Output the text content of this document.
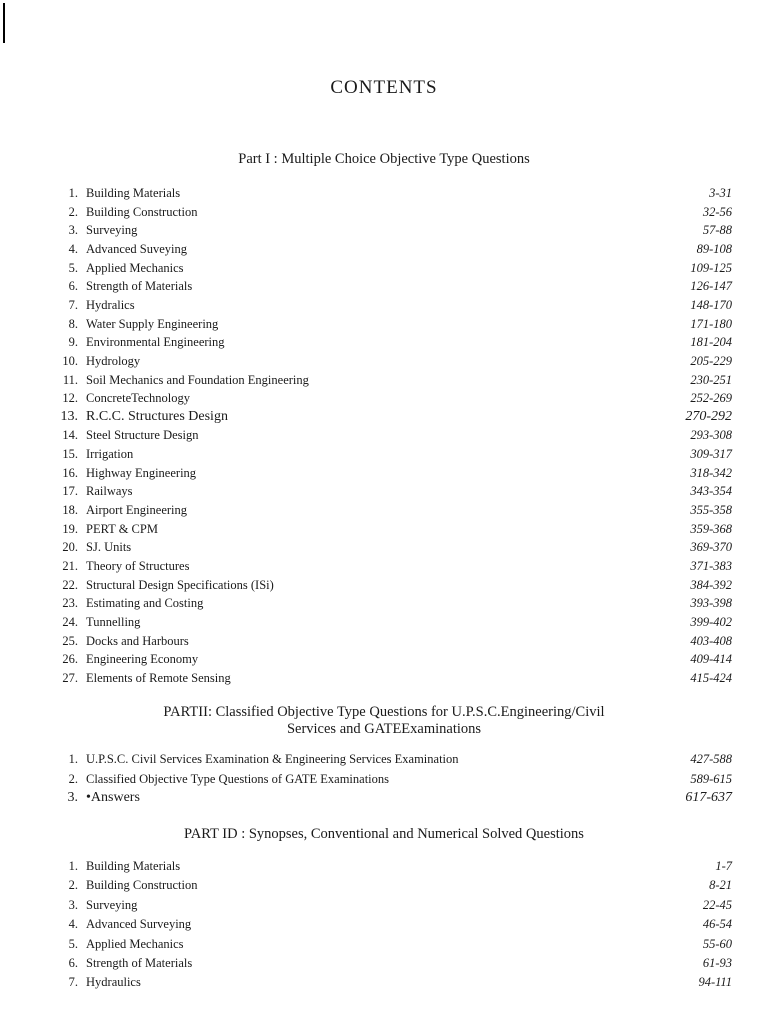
CONTENTS
Part I : Multiple Choice Objective Type Questions
1. Building Materials	3-31
2. Building Construction	32-56
3. Surveying	57-88
4. Advanced Suveying	89-108
5. Applied Mechanics	109-125
6. Strength of Materials	126-147
7. Hydralics	148-170
8. Water Supply Engineering	171-180
9. Environmental Engineering	181-204
10. Hydrology	205-229
11. Soil Mechanics and Foundation Engineering	230-251
12. ConcreteTechnology	252-269
13. R.C.C. Structures Design	270-292
14. Steel Structure Design	293-308
15. Irrigation	309-317
16. Highway Engineering	318-342
17. Railways	343-354
18. Airport Engineering	355-358
19. PERT & CPM	359-368
20. SJ. Units	369-370
21. Theory of Structures	371-383
22. Structural Design Specifications (ISi)	384-392
23. Estimating and Costing	393-398
24. Tunnelling	399-402
25. Docks and Harbours	403-408
26. Engineering Economy	409-414
27. Elements of Remote Sensing	415-424
PARTII: Classified Objective Type Questions for U.P.S.C.Engineering/Civil
Services and GATEExaminations
1. U.P.S.C. Civil Services Examination & Engineering Services Examination	427-588
2. Classified Objective Type Questions of GATE Examinations	589-615
3. •Answers	617-637
PART ID : Synopses, Conventional and Numerical Solved Questions
1. Building Materials	1-7
2. Building Construction	8-21
3. Surveying	22-45
4. Advanced Surveying	46-54
5. Applied Mechanics	55-60
6. Strength of Materials	61-93
7. Hydraulics	94-111
